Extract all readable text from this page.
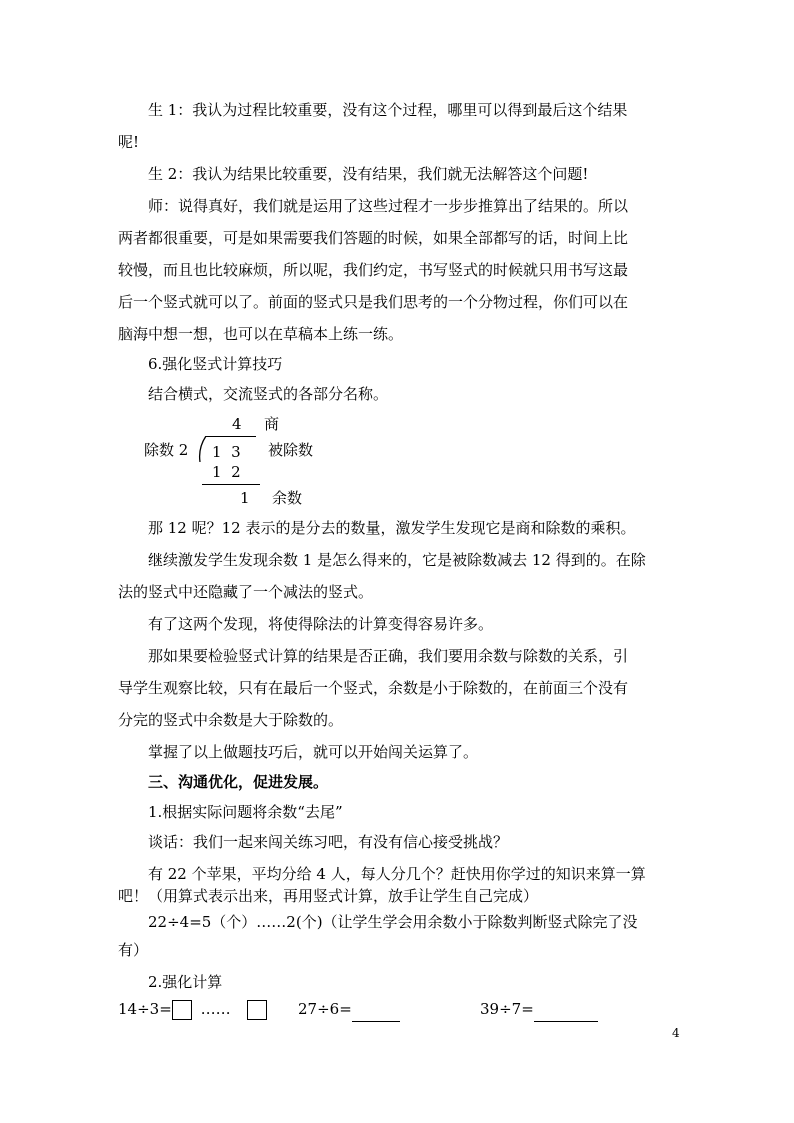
生 1：我认为过程比较重要，没有这个过程，哪里可以得到最后这个结果

呢!

生 2：我认为结果比较重要，没有结果，我们就无法解答这个问题!

师：说得真好，我们就是运用了这些过程才一步步推算出了结果的。所以

两者都很重要，可是如果需要我们答题的时候，如果全部都写的话，时间上比

较慢，而且也比较麻烦，所以呢，我们约定，书写竖式的时候就只用书写这最

后一个竖式就可以了。前面的竖式只是我们思考的一个分物过程，你们可以在

脑海中想一想，也可以在草稿本上练一练。

6.强化竖式计算技巧

结合横式，交流竖式的各部分名称。

4 商
除数 2 1  3 被除数
1  2
1 余数

那 12 呢？12 表示的是分去的数量，激发学生发现它是商和除数的乘积。

继续激发学生发现余数 1 是怎么得来的，它是被除数减去 12 得到的。在除

法的竖式中还隐藏了一个减法的竖式。

有了这两个发现，将使得除法的计算变得容易许多。

那如果要检验竖式计算的结果是否正确，我们要用余数与除数的关系，引

导学生观察比较，只有在最后一个竖式，余数是小于除数的，在前面三个没有

分完的竖式中余数是大于除数的。

掌握了以上做题技巧后，就可以开始闯关运算了。

三、沟通优化，促进发展。

1.根据实际问题将余数“去尾”

谈话：我们一起来闯关练习吧，有没有信心接受挑战？

有 22 个苹果，平均分给 4 人，每人分几个？赶快用你学过的知识来算一算

吧！（用算式表示出来，再用竖式计算，放手让学生自己完成）

22÷4=5（个）……2(个)（让学生学会用余数小于除数判断竖式除完了没

有）

2.强化计算

14÷3= ……	27÷6=	39÷7=
4
